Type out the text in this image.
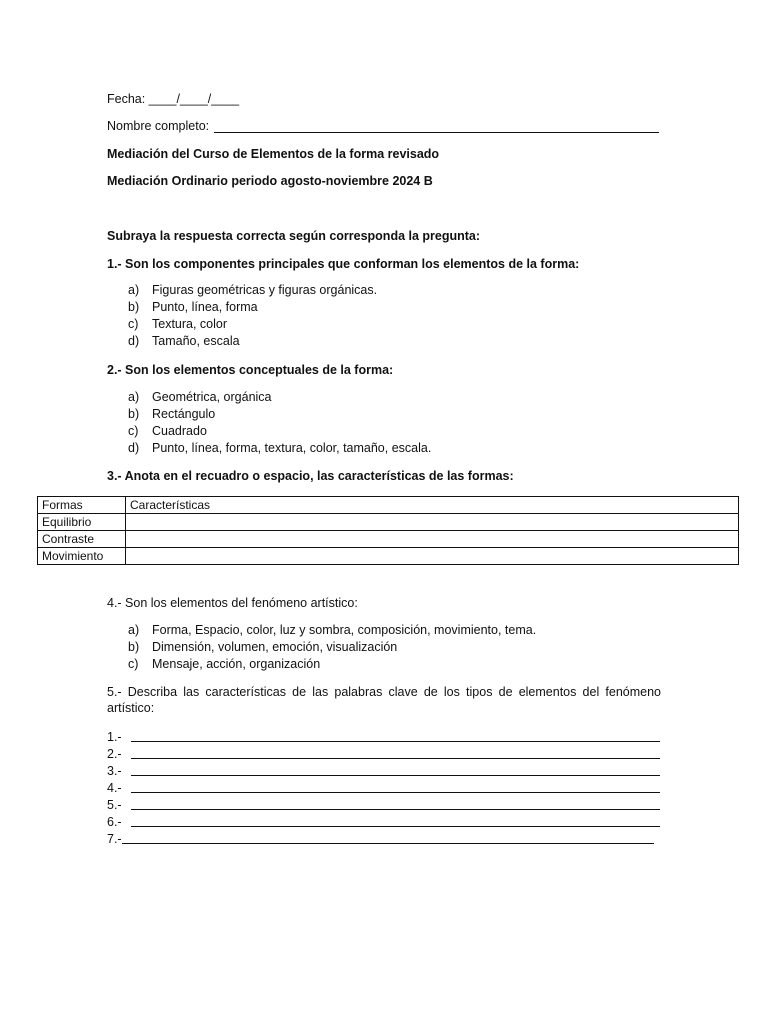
Fecha: ____/____/____
Nombre completo:
Mediación del Curso de Elementos de la forma revisado
Mediación Ordinario periodo agosto-noviembre 2024 B
Subraya la respuesta correcta según corresponda la pregunta:
1.- Son los componentes principales que conforman los elementos de la forma:
a) Figuras geométricas y figuras orgánicas.
b) Punto, línea, forma
c) Textura, color
d) Tamaño, escala
2.- Son los elementos conceptuales de la forma:
a) Geométrica, orgánica
b) Rectángulo
c) Cuadrado
d) Punto, línea, forma, textura, color, tamaño, escala.
3.- Anota en el recuadro o espacio, las características de las formas:
Formas	Características
Equilibrio	
Contraste	
Movimiento	
4.- Son los elementos del fenómeno artístico:
a) Forma, Espacio, color, luz y sombra, composición, movimiento, tema.
b) Dimensión, volumen, emoción, visualización
c) Mensaje, acción, organización
5.- Describa las características de las palabras clave de los tipos de elementos del fenómeno
artístico:
1.-
2.-
3.-
4.-
5.-
6.-
7.-
